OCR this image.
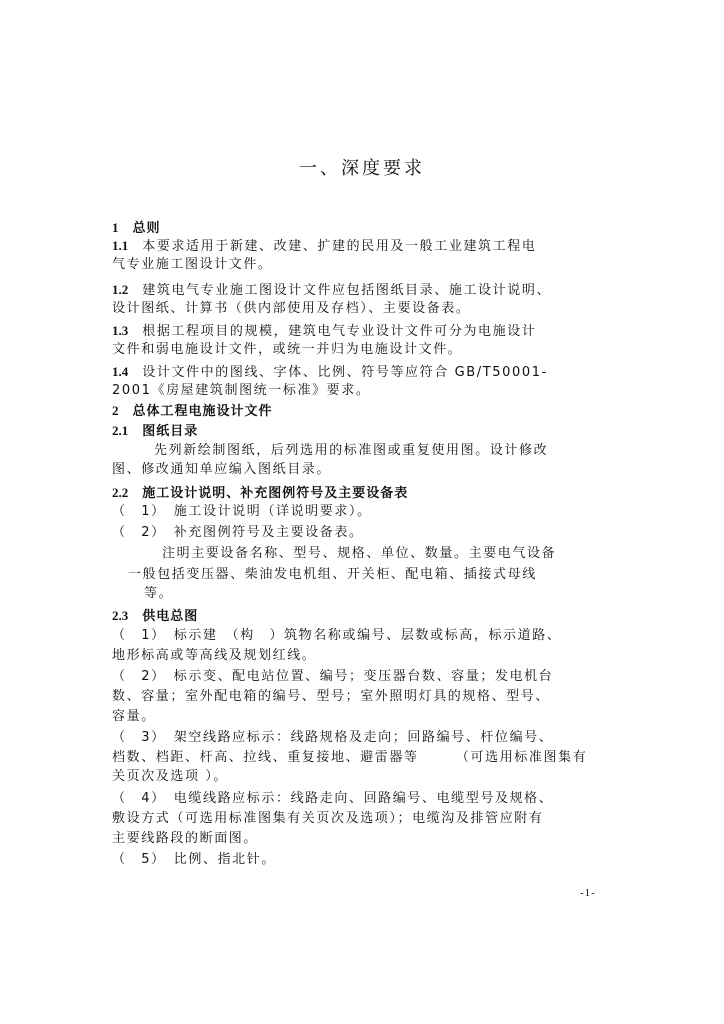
一、深度要求
1 总则
1.1 本要求适用于新建、改建、扩建的民用及一般工业建筑工程电
气专业施工图设计文件。
1.2 建筑电气专业施工图设计文件应包括图纸目录、施工设计说明、
设计图纸、计算书（供内部使用及存档）、主要设备表。
1.3 根据工程项目的规模，建筑电气专业设计文件可分为电施设计
文件和弱电施设计文件，或统一并归为电施设计文件。
1.4 设计文件中的图线、字体、比例、符号等应符合 GB/T50001-
2001《房屋建筑制图统一标准》要求。
2 总体工程电施设计文件
2.1 图纸目录
先列新绘制图纸，后列选用的标准图或重复使用图。设计修改
图、修改通知单应编入图纸目录。
2.2 施工设计说明、补充图例符号及主要设备表
（　1）　施工设计说明（详说明要求）。
（　2）　补充图例符号及主要设备表。
注明主要设备名称、型号、规格、单位、数量。主要电气设备
一般包括变压器、柴油发电机组、开关柜、配电箱、插接式母线
等。
2.3 供电总图
（　1）　标示建　（构　）筑物名称或编号、层数或标高，标示道路、
地形标高或等高线及规划红线。
（　2）　标示变、配电站位置、编号；变压器台数、容量；发电机台
数、容量；室外配电箱的编号、型号；室外照明灯具的规格、型号、
容量。
（　3）　架空线路应标示：线路规格及走向；回路编号、杆位编号、
档数、档距、杆高、拉线、重复接地、避雷器等　　　（可选用标准图集有
关页次及选项 ）。
（　4）　电缆线路应标示：线路走向、回路编号、电缆型号及规格、
敷设方式（可选用标准图集有关页次及选项）；电缆沟及排管应附有
主要线路段的断面图。
（　5）　比例、指北针。
-1-
